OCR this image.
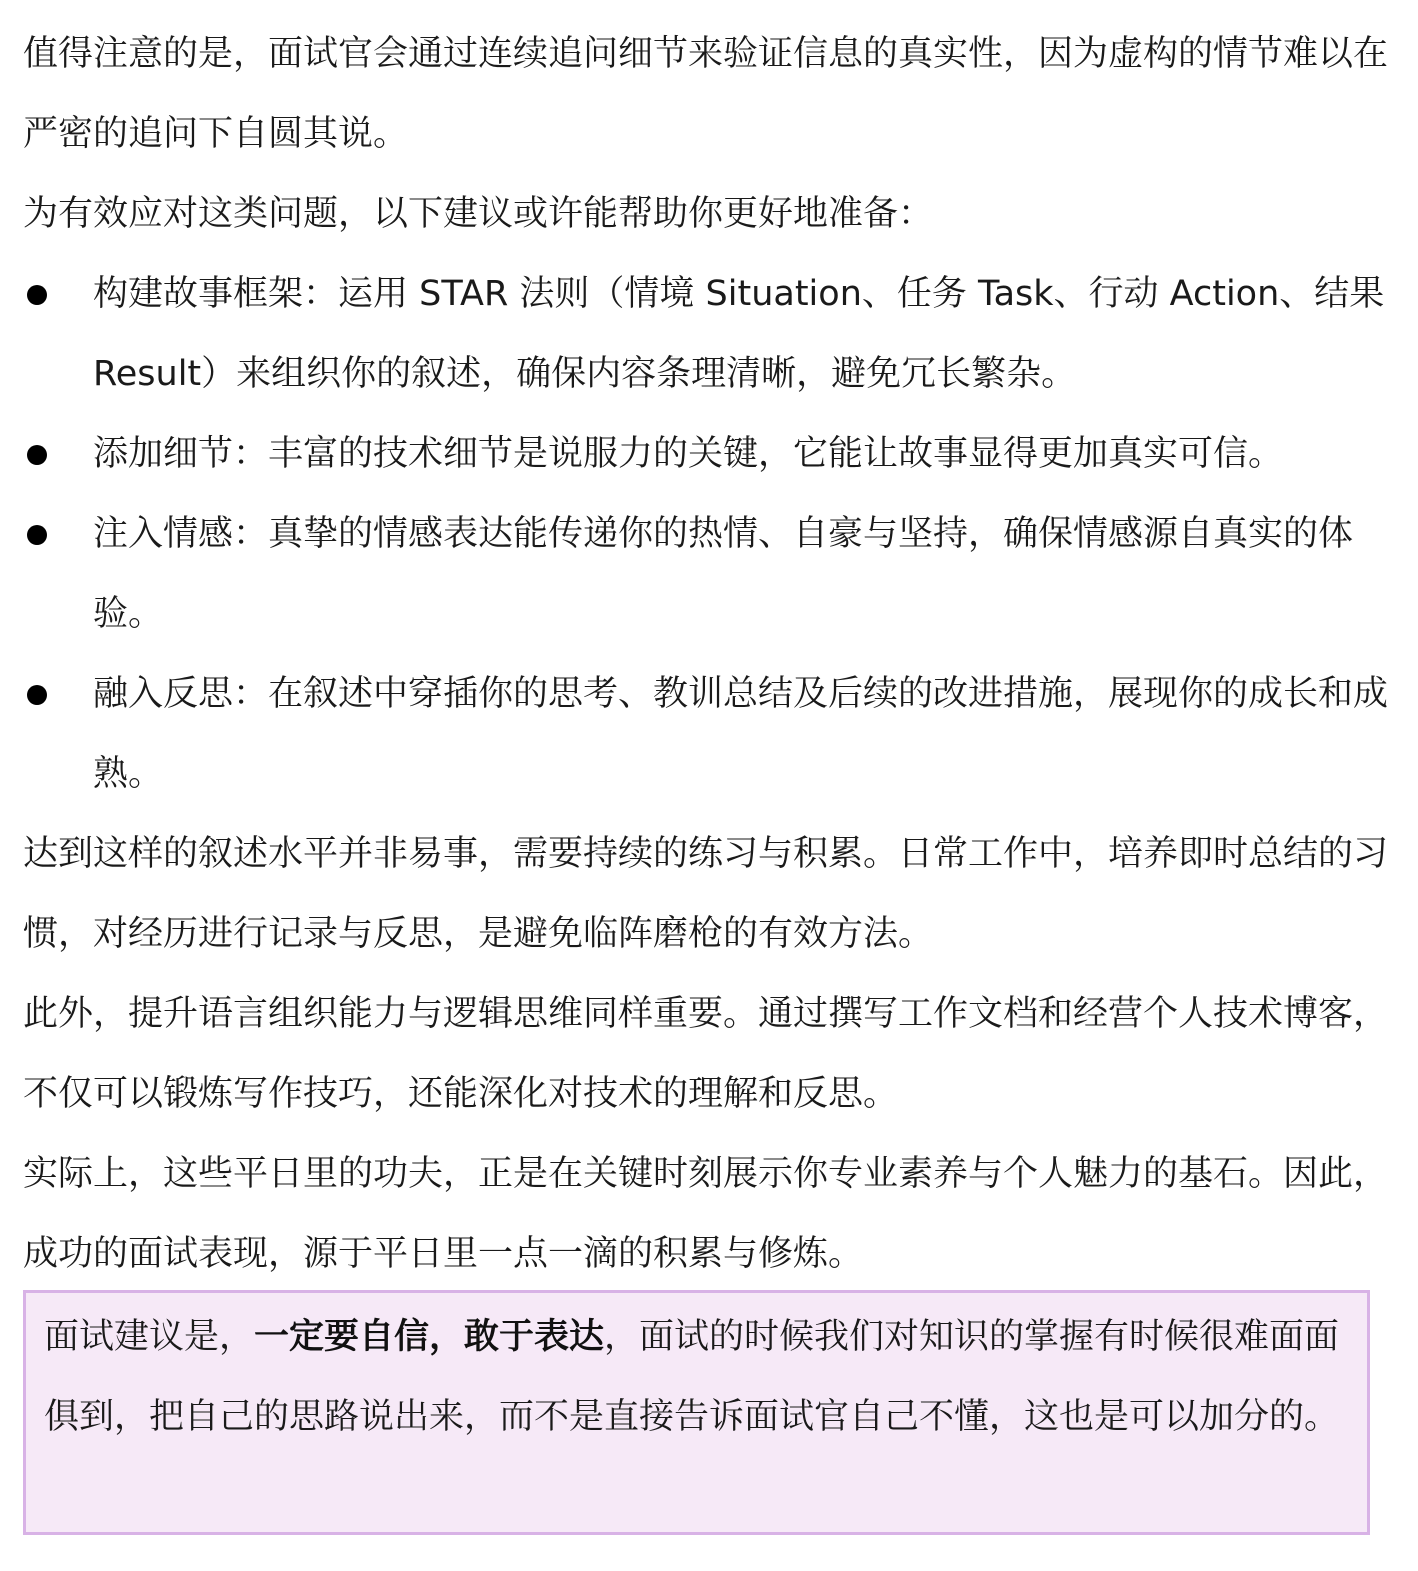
值得注意的是，面试官会通过连续追问细节来验证信息的真实性，因为虚构的情节难以在严密的追问下自圆其说。

为有效应对这类问题，以下建议或许能帮助你更好地准备：

构建故事框架：运用 STAR 法则（情境 Situation、任务 Task、行动 Action、结果 Result）来组织你的叙述，确保内容条理清晰，避免冗长繁杂。
添加细节：丰富的技术细节是说服力的关键，它能让故事显得更加真实可信。
注入情感：真挚的情感表达能传递你的热情、自豪与坚持，确保情感源自真实的体验。
融入反思：在叙述中穿插你的思考、教训总结及后续的改进措施，展现你的成长和成熟。

达到这样的叙述水平并非易事，需要持续的练习与积累。日常工作中，培养即时总结的习惯，对经历进行记录与反思，是避免临阵磨枪的有效方法。

此外，提升语言组织能力与逻辑思维同样重要。通过撰写工作文档和经营个人技术博客，不仅可以锻炼写作技巧，还能深化对技术的理解和反思。

实际上，这些平日里的功夫，正是在关键时刻展示你专业素养与个人魅力的基石。因此，成功的面试表现，源于平日里一点一滴的积累与修炼。

面试建议是，一定要自信，敢于表达，面试的时候我们对知识的掌握有时候很难面面俱到，把自己的思路说出来，而不是直接告诉面试官自己不懂，这也是可以加分的。
